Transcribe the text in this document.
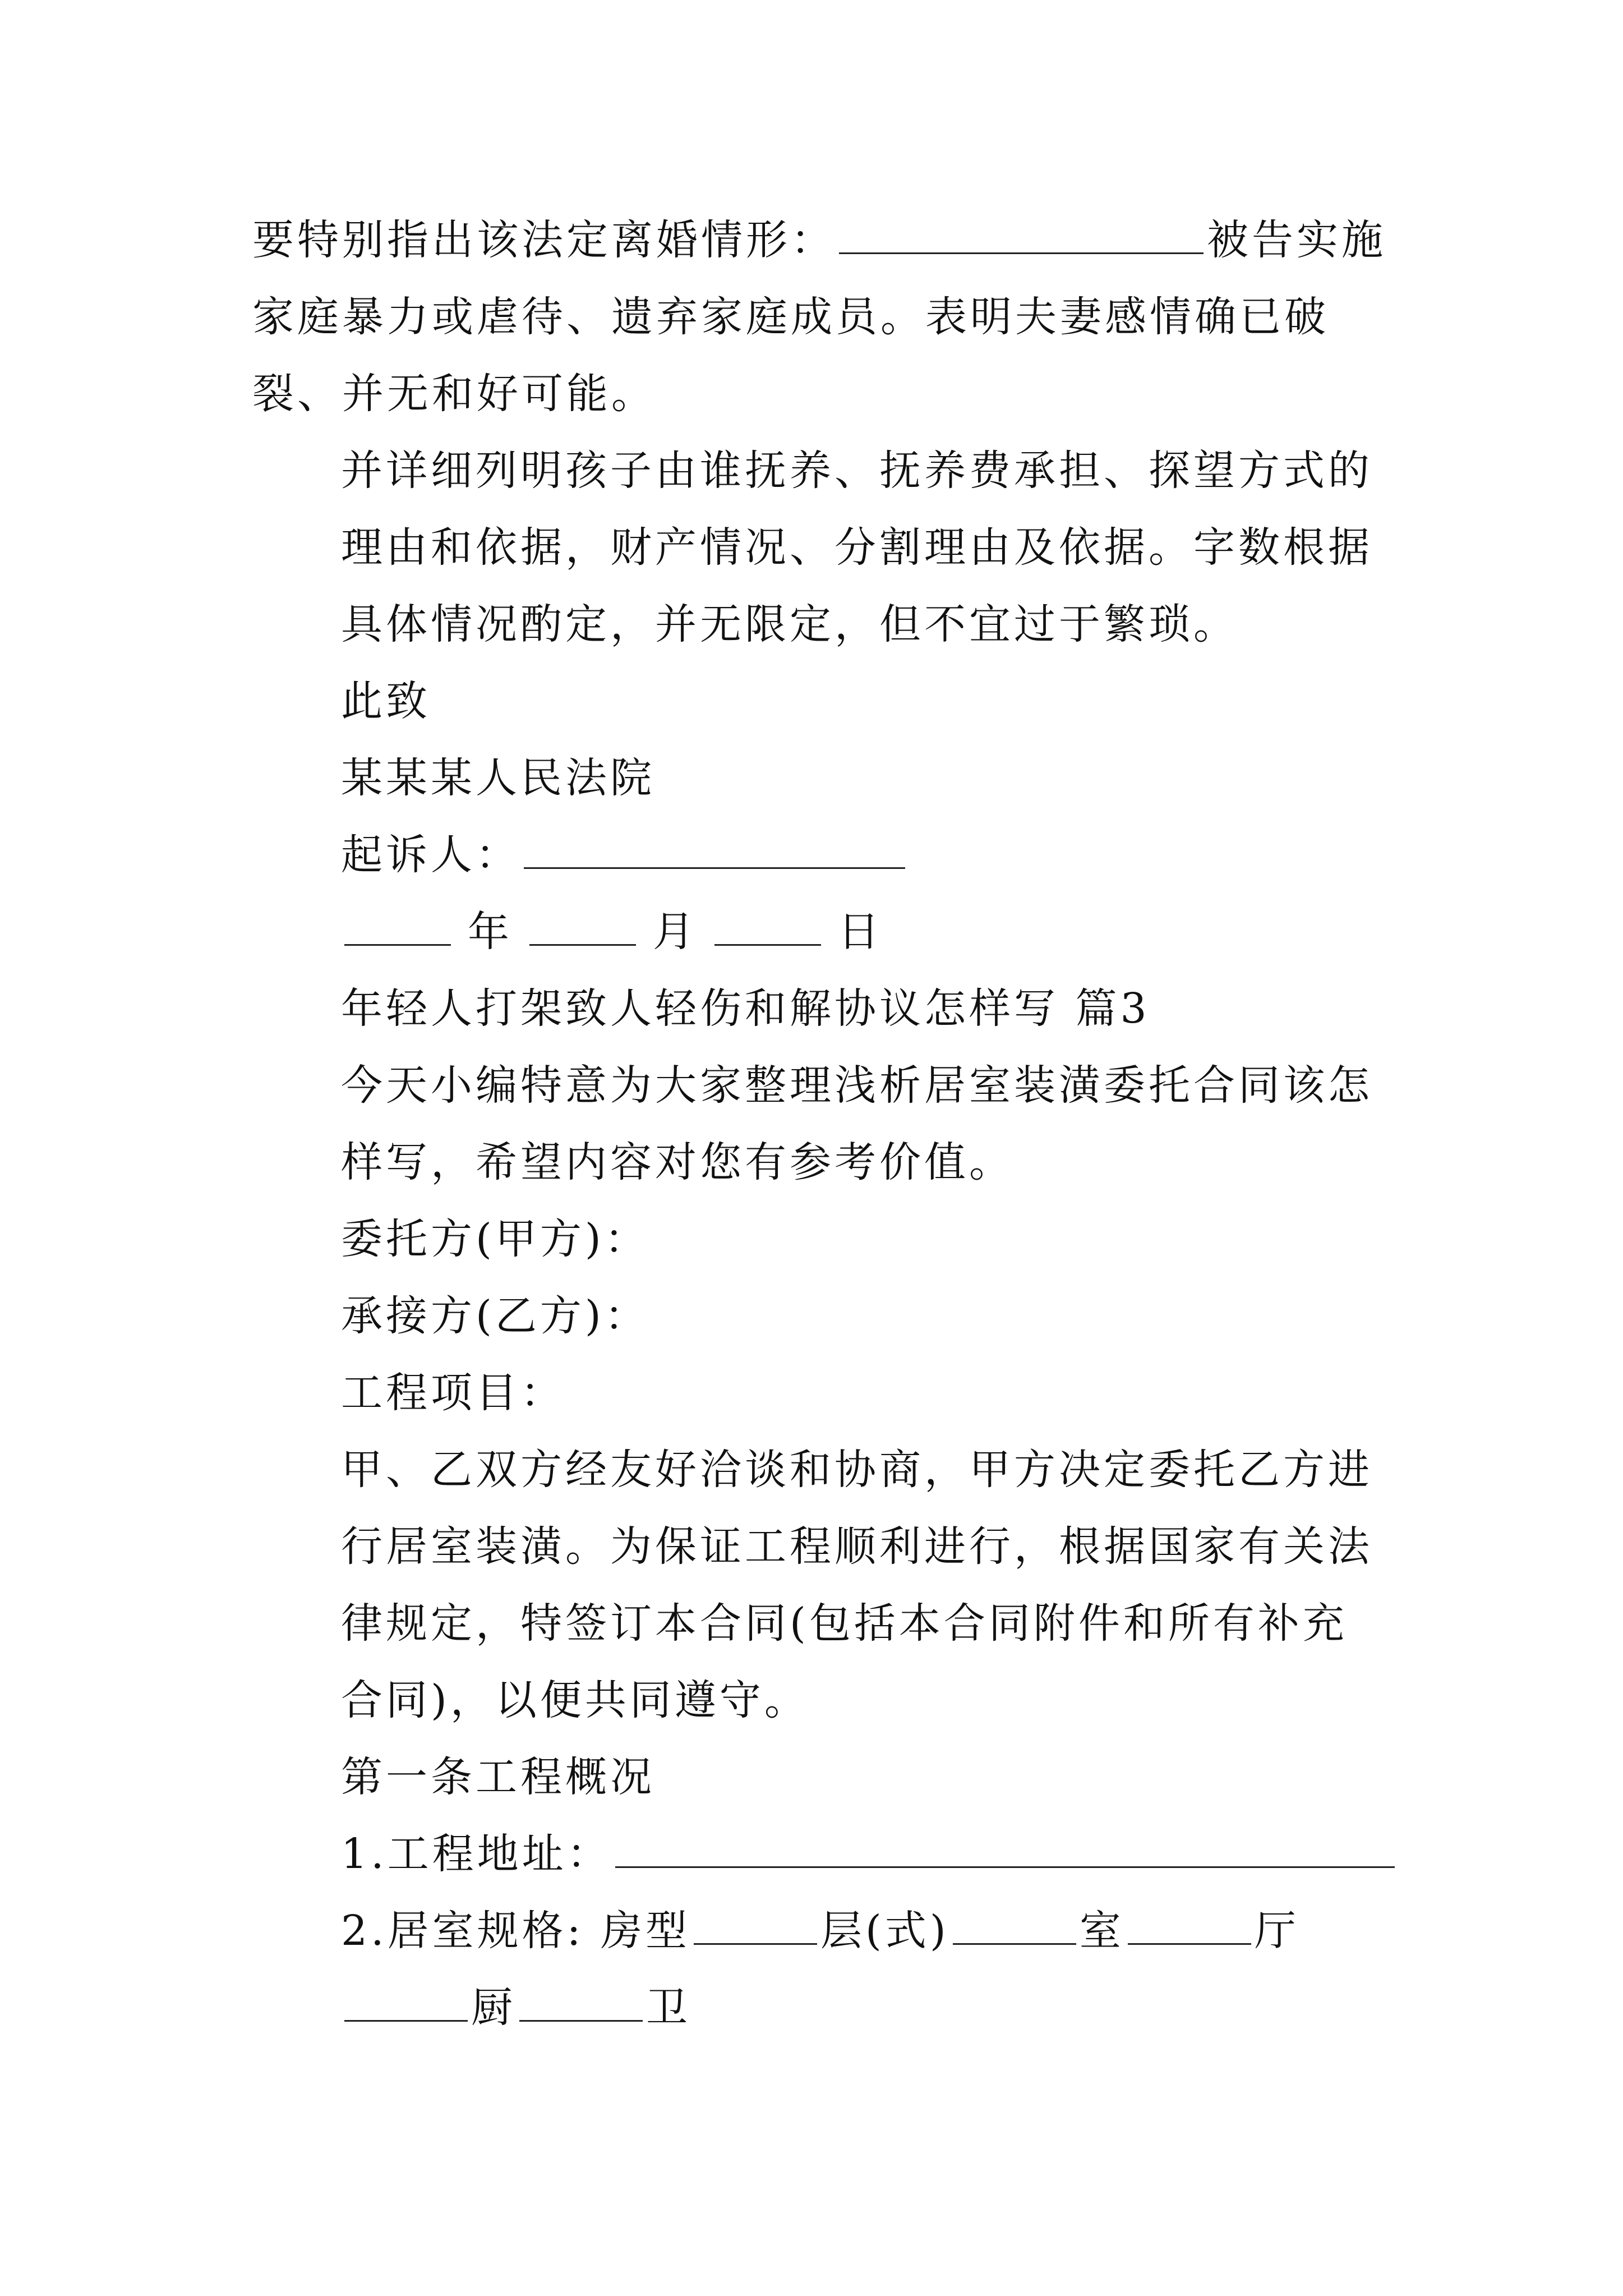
要特别指出该法定离婚情形：	被告实施家庭暴力或虐待、遗弃家庭成员。表明夫妻感情确已破裂、并无和好可能。
并详细列明孩子由谁抚养、抚养费承担、探望方式的理由和依据，财产情况、分割理由及依据。字数根据具体情况酌定，并无限定，但不宜过于繁琐。
此致
某某某人民法院
起诉人：
年	月	日
年轻人打架致人轻伤和解协议怎样写 篇3
今天小编特意为大家整理浅析居室装潢委托合同该怎样写，希望内容对您有参考价值。
委托方(甲方)：
承接方(乙方)：
工程项目：
甲、乙双方经友好洽谈和协商，甲方决定委托乙方进行居室装潢。为保证工程顺利进行，根据国家有关法律规定，特签订本合同(包括本合同附件和所有补充合同)，以便共同遵守。
第一条工程概况
1.工程地址：
2.居室规格: 房型	层(式)	室	厅厨	卫
